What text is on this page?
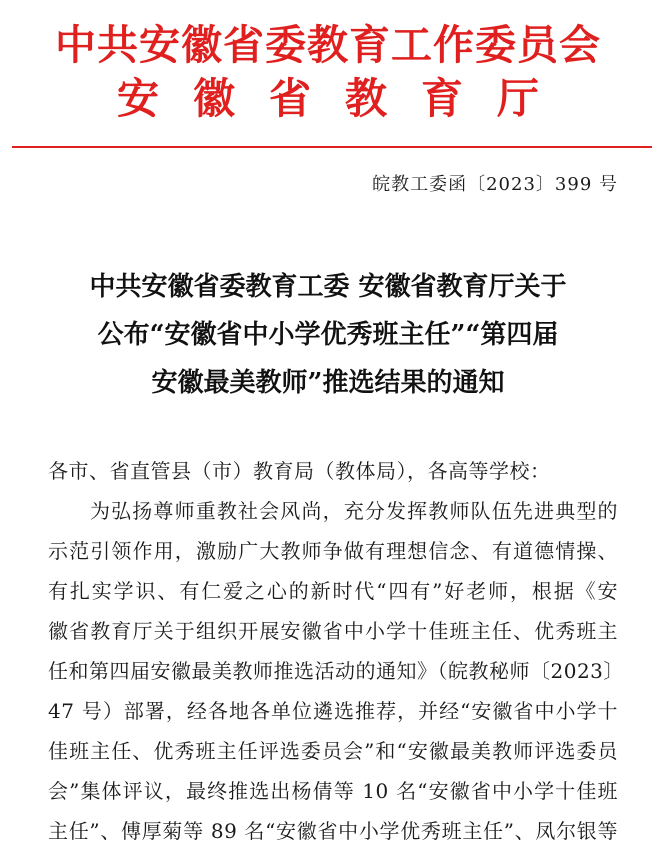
中共安徽省委教育工作委员会
安徽省教育厅
皖教工委函〔2023〕399 号
中共安徽省委教育工委 安徽省教育厅关于
公布“安徽省中小学优秀班主任”“第四届
安徽最美教师”推选结果的通知
各市、省直管县（市）教育局（教体局），各高等学校：
为弘扬尊师重教社会风尚，充分发挥教师队伍先进典型的
示范引领作用，激励广大教师争做有理想信念、有道德情操、
有扎实学识、有仁爱之心的新时代“四有”好老师，根据《安
徽省教育厅关于组织开展安徽省中小学十佳班主任、优秀班主
任和第四届安徽最美教师推选活动的通知》（皖教秘师〔2023〕
47 号）部署，经各地各单位遴选推荐，并经“安徽省中小学十
佳班主任、优秀班主任评选委员会”和“安徽最美教师评选委员
会”集体评议，最终推选出杨倩等 10 名“安徽省中小学十佳班
主任”、傅厚菊等 89 名“安徽省中小学优秀班主任”、凤尔银等
